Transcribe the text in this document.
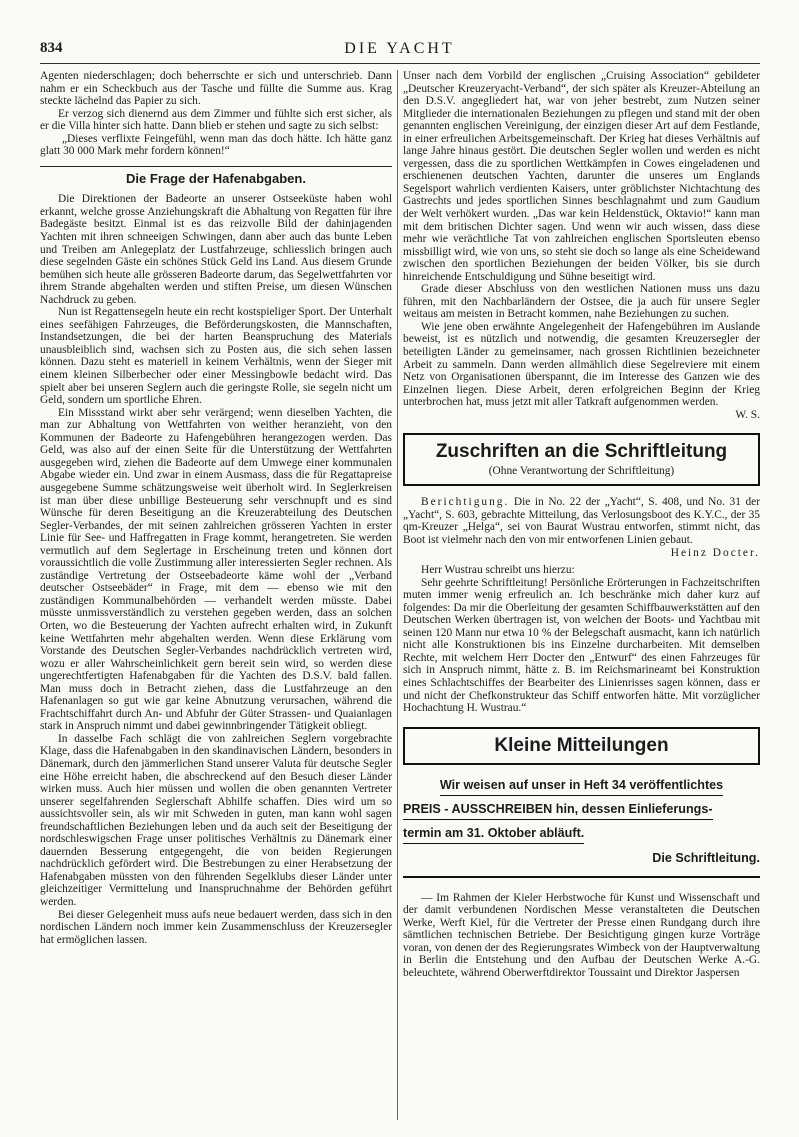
834	DIE YACHT

Agenten niederschlagen; doch beherrschte er sich und unterschrieb. Dann nahm er ein Scheckbuch aus der Tasche und füllte die Summe aus. Krag steckte lächelnd das Papier zu sich.

Er verzog sich dienernd aus dem Zimmer und fühlte sich erst sicher, als er die Villa hinter sich hatte. Dann blieb er stehen und sagte zu sich selbst:

„Dieses verflixte Feingefühl, wenn man das doch hätte. Ich hätte ganz glatt 30 000 Mark mehr fordern können!“

Die Frage der Hafenabgaben.

Die Direktionen der Badeorte an unserer Ostseeküste haben wohl erkannt, welche grosse Anziehungskraft die Abhaltung von Regatten für ihre Badegäste besitzt. Einmal ist es das reizvolle Bild der dahinjagenden Yachten mit ihren schneeigen Schwingen, dann aber auch das bunte Leben und Treiben am Anlegeplatz der Lustfahrzeuge, schliesslich bringen auch diese segelnden Gäste ein schönes Stück Geld ins Land. Aus diesem Grunde bemühen sich heute alle grösseren Badeorte darum, das Segelwettfahrten vor ihrem Strande abgehalten werden und stiften Preise, um diesen Wünschen Nachdruck zu geben.

Nun ist Regattensegeln heute ein recht kostspieliger Sport. Der Unterhalt eines seefähigen Fahrzeuges, die Beförderungskosten, die Mannschaften, Instandsetzungen, die bei der harten Beanspruchung des Materials unausbleiblich sind, wachsen sich zu Posten aus, die sich sehen lassen können. Dazu steht es materiell in keinem Verhältnis, wenn der Sieger mit einem kleinen Silberbecher oder einer Messingbowle bedacht wird. Das spielt aber bei unseren Seglern auch die geringste Rolle, sie segeln nicht um Geld, sondern um sportliche Ehren.

Ein Missstand wirkt aber sehr verärgend; wenn dieselben Yachten, die man zur Abhaltung von Wettfahrten von weither heranzieht, von den Kommunen der Badeorte zu Hafengebühren herangezogen werden. Das Geld, was also auf der einen Seite für die Unterstützung der Wettfahrten ausgegeben wird, ziehen die Badeorte auf dem Umwege einer kommunalen Abgabe wieder ein. Und zwar in einem Ausmass, dass die für Regattapreise ausgegebene Summe schätzungsweise weit überholt wird. In Seglerkreisen ist man über diese unbillige Besteuerung sehr verschnupft und es sind Wünsche für deren Beseitigung an die Kreuzerabteilung des Deutschen Segler-Verbandes, der mit seinen zahlreichen grösseren Yachten in erster Linie für See- und Haffregatten in Frage kommt, herangetreten. Sie werden vermutlich auf dem Seglertage in Erscheinung treten und können dort voraussichtlich die volle Zustimmung aller interessierten Segler rechnen. Als zuständige Vertretung der Ostseebadeorte käme wohl der „Verband deutscher Ostseebäder“ in Frage, mit dem — ebenso wie mit den zuständigen Kommunalbehörden — verhandelt werden müsste. Dabei müsste unmissverständlich zu verstehen gegeben werden, dass an solchen Orten, wo die Besteuerung der Yachten aufrecht erhalten wird, in Zukunft keine Wettfahrten mehr abgehalten werden. Wenn diese Erklärung vom Vorstande des Deutschen Segler-Verbandes nachdrücklich vertreten wird, wozu er aller Wahrscheinlichkeit gern bereit sein wird, so werden diese ungerechtfertigten Hafenabgaben für die Yachten des D.S.V. bald fallen. Man muss doch in Betracht ziehen, dass die Lustfahrzeuge an den Hafenanlagen so gut wie gar keine Abnutzung verursachen, während die Frachtschiffahrt durch An- und Abfuhr der Güter Strassen- und Quaianlagen stark in Anspruch nimmt und dabei gewinnbringender Tätigkeit obliegt.

In dasselbe Fach schlägt die von zahlreichen Seglern vorgebrachte Klage, dass die Hafenabgaben in den skandinavischen Ländern, besonders in Dänemark, durch den jämmerlichen Stand unserer Valuta für deutsche Segler eine Höhe erreicht haben, die abschreckend auf den Besuch dieser Länder wirken muss. Auch hier müssen und wollen die oben genannten Vertreter unserer segelfahrenden Seglerschaft Abhilfe schaffen. Dies wird um so aussichtsvoller sein, als wir mit Schweden in guten, man kann wohl sagen freundschaftlichen Beziehungen leben und da auch seit der Beseitigung der nordschleswigschen Frage unser politisches Verhältnis zu Dänemark einer dauernden Besserung entgegengeht, die von beiden Regierungen nachdrücklich gefördert wird. Die Bestrebungen zu einer Herabsetzung der Hafenabgaben müssten von den führenden Segelklubs dieser Länder unter gleichzeitiger Vermittelung und Inanspruchnahme der Behörden geführt werden.

Bei dieser Gelegenheit muss aufs neue bedauert werden, dass sich in den nordischen Ländern noch immer kein Zusammenschluss der Kreuzersegler hat ermöglichen lassen.

Unser nach dem Vorbild der englischen „Cruising Association“ gebildeter „Deutscher Kreuzeryacht-Verband“, der sich später als Kreuzer-Abteilung an den D.S.V. angegliedert hat, war von jeher bestrebt, zum Nutzen seiner Mitglieder die internationalen Beziehungen zu pflegen und stand mit der oben genannten englischen Vereinigung, der einzigen dieser Art auf dem Festlande, in einer erfreulichen Arbeitsgemeinschaft. Der Krieg hat dieses Verhältnis auf lange Jahre hinaus gestört. Die deutschen Segler wollen und werden es nicht vergessen, dass die zu sportlichen Wettkämpfen in Cowes eingeladenen und erschienenen deutschen Yachten, darunter die unseres um Englands Segelsport wahrlich verdienten Kaisers, unter gröblichster Nichtachtung des Gastrechts und jedes sportlichen Sinnes beschlagnahmt und zum Gaudium der Welt verhökert wurden. „Das war kein Heldenstück, Oktavio!“ kann man mit dem britischen Dichter sagen. Und wenn wir auch wissen, dass diese mehr wie verächtliche Tat von zahlreichen englischen Sportsleuten ebenso missbilligt wird, wie von uns, so steht sie doch so lange als eine Scheidewand zwischen den sportlichen Beziehungen der beiden Völker, bis sie durch hinreichende Entschuldigung und Sühne beseitigt wird.

Grade dieser Abschluss von den westlichen Nationen muss uns dazu führen, mit den Nachbarländern der Ostsee, die ja auch für unsere Segler weitaus am meisten in Betracht kommen, nahe Beziehungen zu suchen.

Wie jene oben erwähnte Angelegenheit der Hafengebühren im Auslande beweist, ist es nützlich und notwendig, die gesamten Kreuzersegler der beteiligten Länder zu gemeinsamer, nach grossen Richtlinien bezeichneter Arbeit zu sammeln. Dann werden allmählich diese Segelreviere mit einem Netz von Organisationen überspannt, die im Interesse des Ganzen wie des Einzelnen liegen. Diese Arbeit, deren erfolgreichen Beginn der Krieg unterbrochen hat, muss jetzt mit aller Tatkraft aufgenommen werden.

W. S.
Zuschriften an die Schriftleitung
(Ohne Verantwortung der Schriftleitung)

Berichtigung. Die in No. 22 der „Yacht“, S. 408, und No. 31 der „Yacht“, S. 603, gebrachte Mitteilung, das Verlosungsboot des K.Y.C., der 35 qm-Kreuzer „Helga“, sei von Baurat Wustrau entworfen, stimmt nicht, das Boot ist vielmehr nach den von mir entworfenen Linien gebaut.

Heinz Docter.

Herr Wustrau schreibt uns hierzu:

Sehr geehrte Schriftleitung! Persönliche Erörterungen in Fachzeitschriften muten immer wenig erfreulich an. Ich beschränke mich daher kurz auf folgendes: Da mir die Oberleitung der gesamten Schiffbauwerkstätten auf den Deutschen Werken übertragen ist, von welchen der Boots- und Yachtbau mit seinen 120 Mann nur etwa 10 % der Belegschaft ausmacht, kann ich natürlich nicht alle Konstruktionen bis ins Einzelne durcharbeiten. Mit demselben Rechte, mit welchem Herr Docter den „Entwurf“ des einen Fahrzeuges für sich in Anspruch nimmt, hätte z. B. im Reichsmarineamt bei Konstruktion eines Schlachtschiffes der Bearbeiter des Linienrisses sagen können, dass er und nicht der Chefkonstrukteur das Schiff entworfen hätte. Mit vorzüglicher Hochachtung H. Wustrau.“

Kleine Mitteilungen
Wir weisen auf unser in Heft 34 veröffentlichtes
PREIS - AUSSCHREIBEN hin, dessen Einlieferungs-
termin am 31. Oktober abläuft.
Die Schriftleitung.

— Im Rahmen der Kieler Herbstwoche für Kunst und Wissenschaft und der damit verbundenen Nordischen Messe veranstalteten die Deutschen Werke, Werft Kiel, für die Vertreter der Presse einen Rundgang durch ihre sämtlichen technischen Betriebe. Der Besichtigung gingen kurze Vorträge voran, von denen der des Regierungsrates Wimbeck von der Hauptverwaltung in Berlin die Entstehung und den Aufbau der Deutschen Werke A.-G. beleuchtete, während Oberwerftdirektor Toussaint und Direktor Jaspersen
